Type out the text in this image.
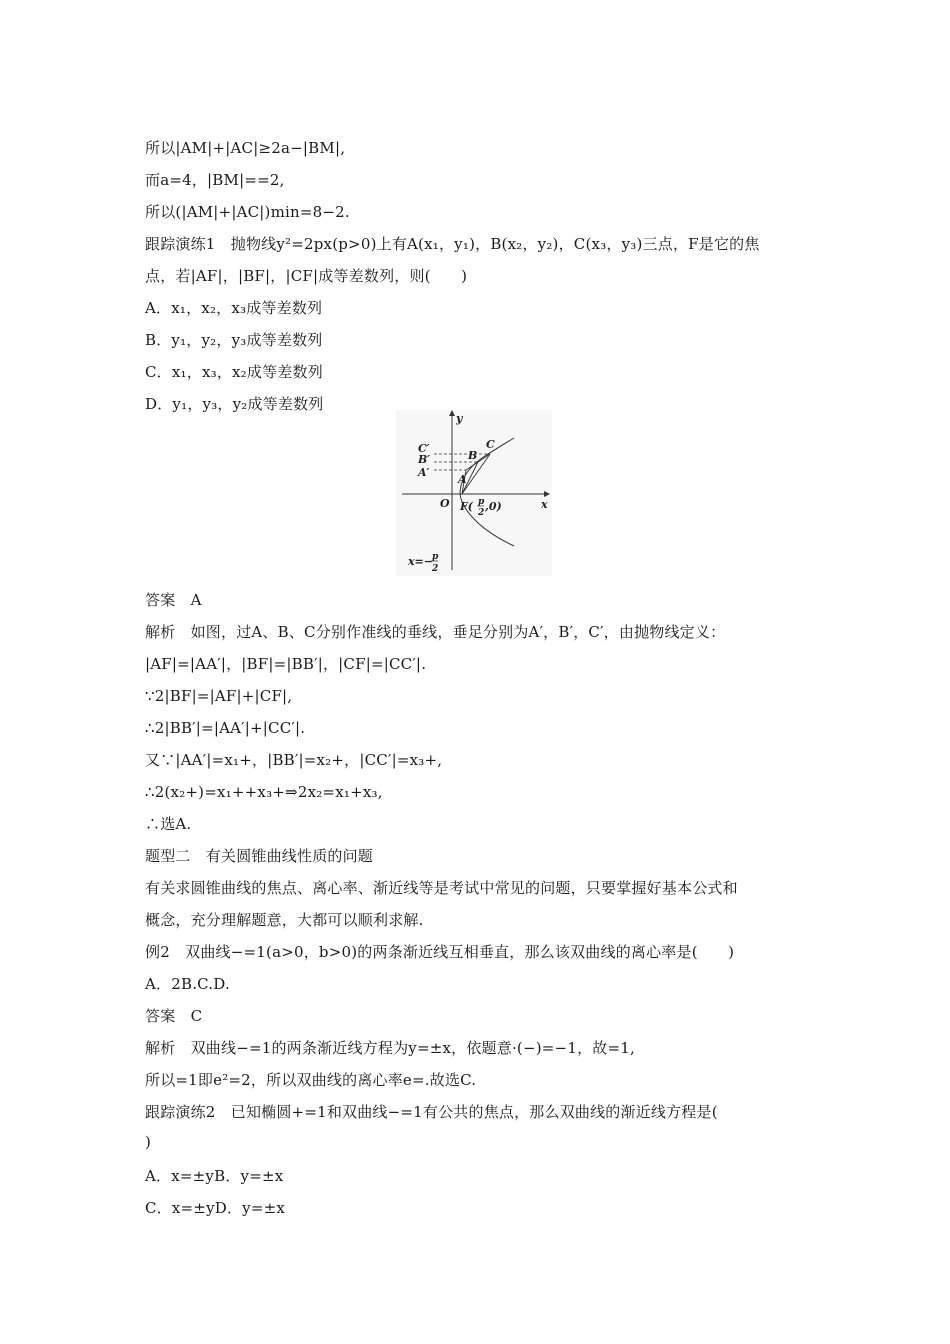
所以|AM|+|AC|≥2a−|BM|,
而a=4，|BM|==2,
所以(|AM|+|AC|)min=8−2.
跟踪演练1　抛物线y²=2px(p>0)上有A(x₁，y₁)，B(x₂，y₂)，C(x₃，y₃)三点，F是它的焦
点，若|AF|，|BF|，|CF|成等差数列，则(　　)
A．x₁，x₂，x₃成等差数列
B．y₁，y₂，y₃成等差数列
C．x₁，x₃，x₂成等差数列
D．y₁，y₃，y₂成等差数列
y
x
O
C′
B′
A′
C
B
A
F( p
2 ,0)
x=− p
2
答案　A
解析　如图，过A、B、C分别作准线的垂线，垂足分别为A′，B′，C′，由抛物线定义：
|AF|=|AA′|，|BF|=|BB′|，|CF|=|CC′|.
∵2|BF|=|AF|+|CF|,
∴2|BB′|=|AA′|+|CC′|.
又∵|AA′|=x₁+，|BB′|=x₂+，|CC′|=x₃+,
∴2(x₂+)=x₁++x₃+⇒2x₂=x₁+x₃,
∴选A.
题型二　有关圆锥曲线性质的问题
有关求圆锥曲线的焦点、离心率、渐近线等是考试中常见的问题，只要掌握好基本公式和
概念，充分理解题意，大都可以顺利求解.
例2　双曲线−=1(a>0，b>0)的两条渐近线互相垂直，那么该双曲线的离心率是(　　)
A．2B.C.D.
答案　C
解析　双曲线−=1的两条渐近线方程为y=±x，依题意·(−)=−1，故=1,
所以=1即e²=2，所以双曲线的离心率e=.故选C.
跟踪演练2　已知椭圆+=1和双曲线−=1有公共的焦点，那么双曲线的渐近线方程是(
)
A．x=±yB．y=±x
C．x=±yD．y=±x
